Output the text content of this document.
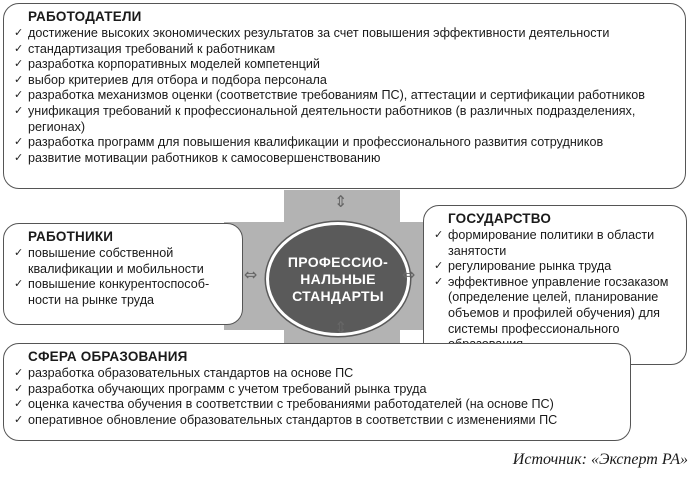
РАБОТОДАТЕЛИ
✓ достижение высоких экономических результатов за счет повышения эффективности деятельности
✓ стандартизация требований к работникам
✓ разработка корпоративных моделей компетенций
✓ выбор критериев для отбора и подбора персонала
✓ разработка механизмов оценки (соответствие требованиям ПС), аттестации и сертификации работников
✓ унификация требований к профессиональной деятельности работников (в различных подразделениях, регионах)
✓ разработка программ для повышения квалификации и профессионального развития сотрудников
✓ развитие мотивации работников к самосовершенствованию
РАБОТНИКИ
✓ повышение собственной квалификации и мобильности
✓ повышение конкурентоспособ-ности на рынке труда
ГОСУДАРСТВО
✓ формирование политики в области занятости
✓ регулирование рынка труда
✓ эффективное управление госзаказом (определение целей, планирование объемов и профилей обучения) для системы профессионального
СФЕРА ОБРАЗОВАНИЯ
✓ разработка образовательных стандартов на основе ПС
✓ разработка обучающих программ с учетом требований рынка труда
✓ оценка качества обучения в соответствии с требованиями работодателей (на основе ПС)
✓ оперативное обновление образовательных стандартов в соответствии с изменениями ПС
ПРОФЕССИО-
НАЛЬНЫЕ
СТАНДАРТЫ
⇕
⇕
⇔	⇔
Источник: «Эксперт РА»
